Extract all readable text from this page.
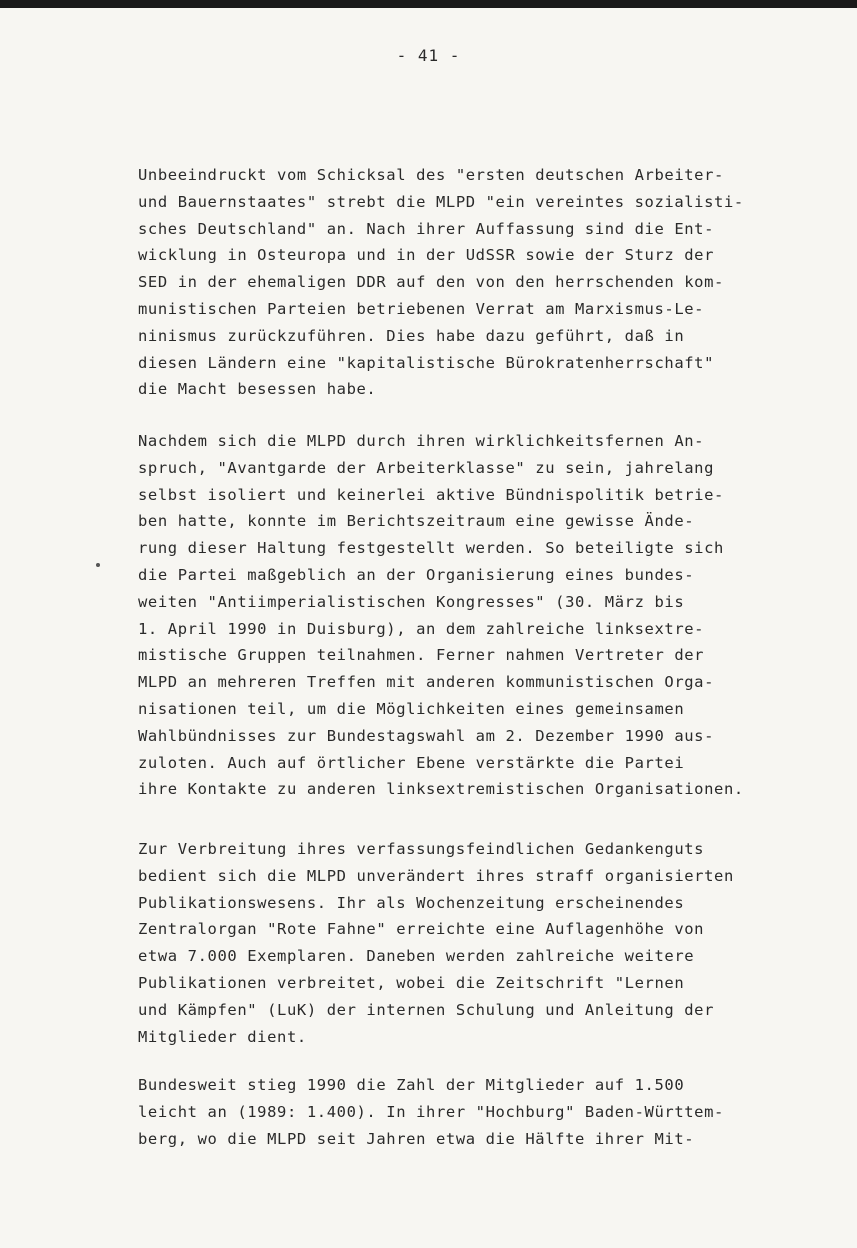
- 41 -
Unbeeindruckt vom Schicksal des "ersten deutschen Arbeiter-
und Bauernstaates" strebt die MLPD "ein vereintes sozialisti-
sches Deutschland" an. Nach ihrer Auffassung sind die Ent-
wicklung in Osteuropa und in der UdSSR sowie der Sturz der
SED in der ehemaligen DDR auf den von den herrschenden kom-
munistischen Parteien betriebenen Verrat am Marxismus-Le-
ninismus zurückzuführen. Dies habe dazu geführt, daß in
diesen Ländern eine "kapitalistische Bürokratenherrschaft"
die Macht besessen habe.
Nachdem sich die MLPD durch ihren wirklichkeitsfernen An-
spruch, "Avantgarde der Arbeiterklasse" zu sein, jahrelang
selbst isoliert und keinerlei aktive Bündnispolitik betrie-
ben hatte, konnte im Berichtszeitraum eine gewisse Ände-
rung dieser Haltung festgestellt werden. So beteiligte sich
die Partei maßgeblich an der Organisierung eines bundes-
weiten "Antiimperialistischen Kongresses" (30. März bis
1. April 1990 in Duisburg), an dem zahlreiche linksextre-
mistische Gruppen teilnahmen. Ferner nahmen Vertreter der
MLPD an mehreren Treffen mit anderen kommunistischen Orga-
nisationen teil, um die Möglichkeiten eines gemeinsamen
Wahlbündnisses zur Bundestagswahl am 2. Dezember 1990 aus-
zuloten. Auch auf örtlicher Ebene verstärkte die Partei
ihre Kontakte zu anderen linksextremistischen Organisationen.
Zur Verbreitung ihres verfassungsfeindlichen Gedankenguts
bedient sich die MLPD unverändert ihres straff organisierten
Publikationswesens. Ihr als Wochenzeitung erscheinendes
Zentralorgan "Rote Fahne" erreichte eine Auflagenhöhe von
etwa 7.000 Exemplaren. Daneben werden zahlreiche weitere
Publikationen verbreitet, wobei die Zeitschrift "Lernen
und Kämpfen" (LuK) der internen Schulung und Anleitung der
Mitglieder dient.
Bundesweit stieg 1990 die Zahl der Mitglieder auf 1.500
leicht an (1989: 1.400). In ihrer "Hochburg" Baden-Württem-
berg, wo die MLPD seit Jahren etwa die Hälfte ihrer Mit-
